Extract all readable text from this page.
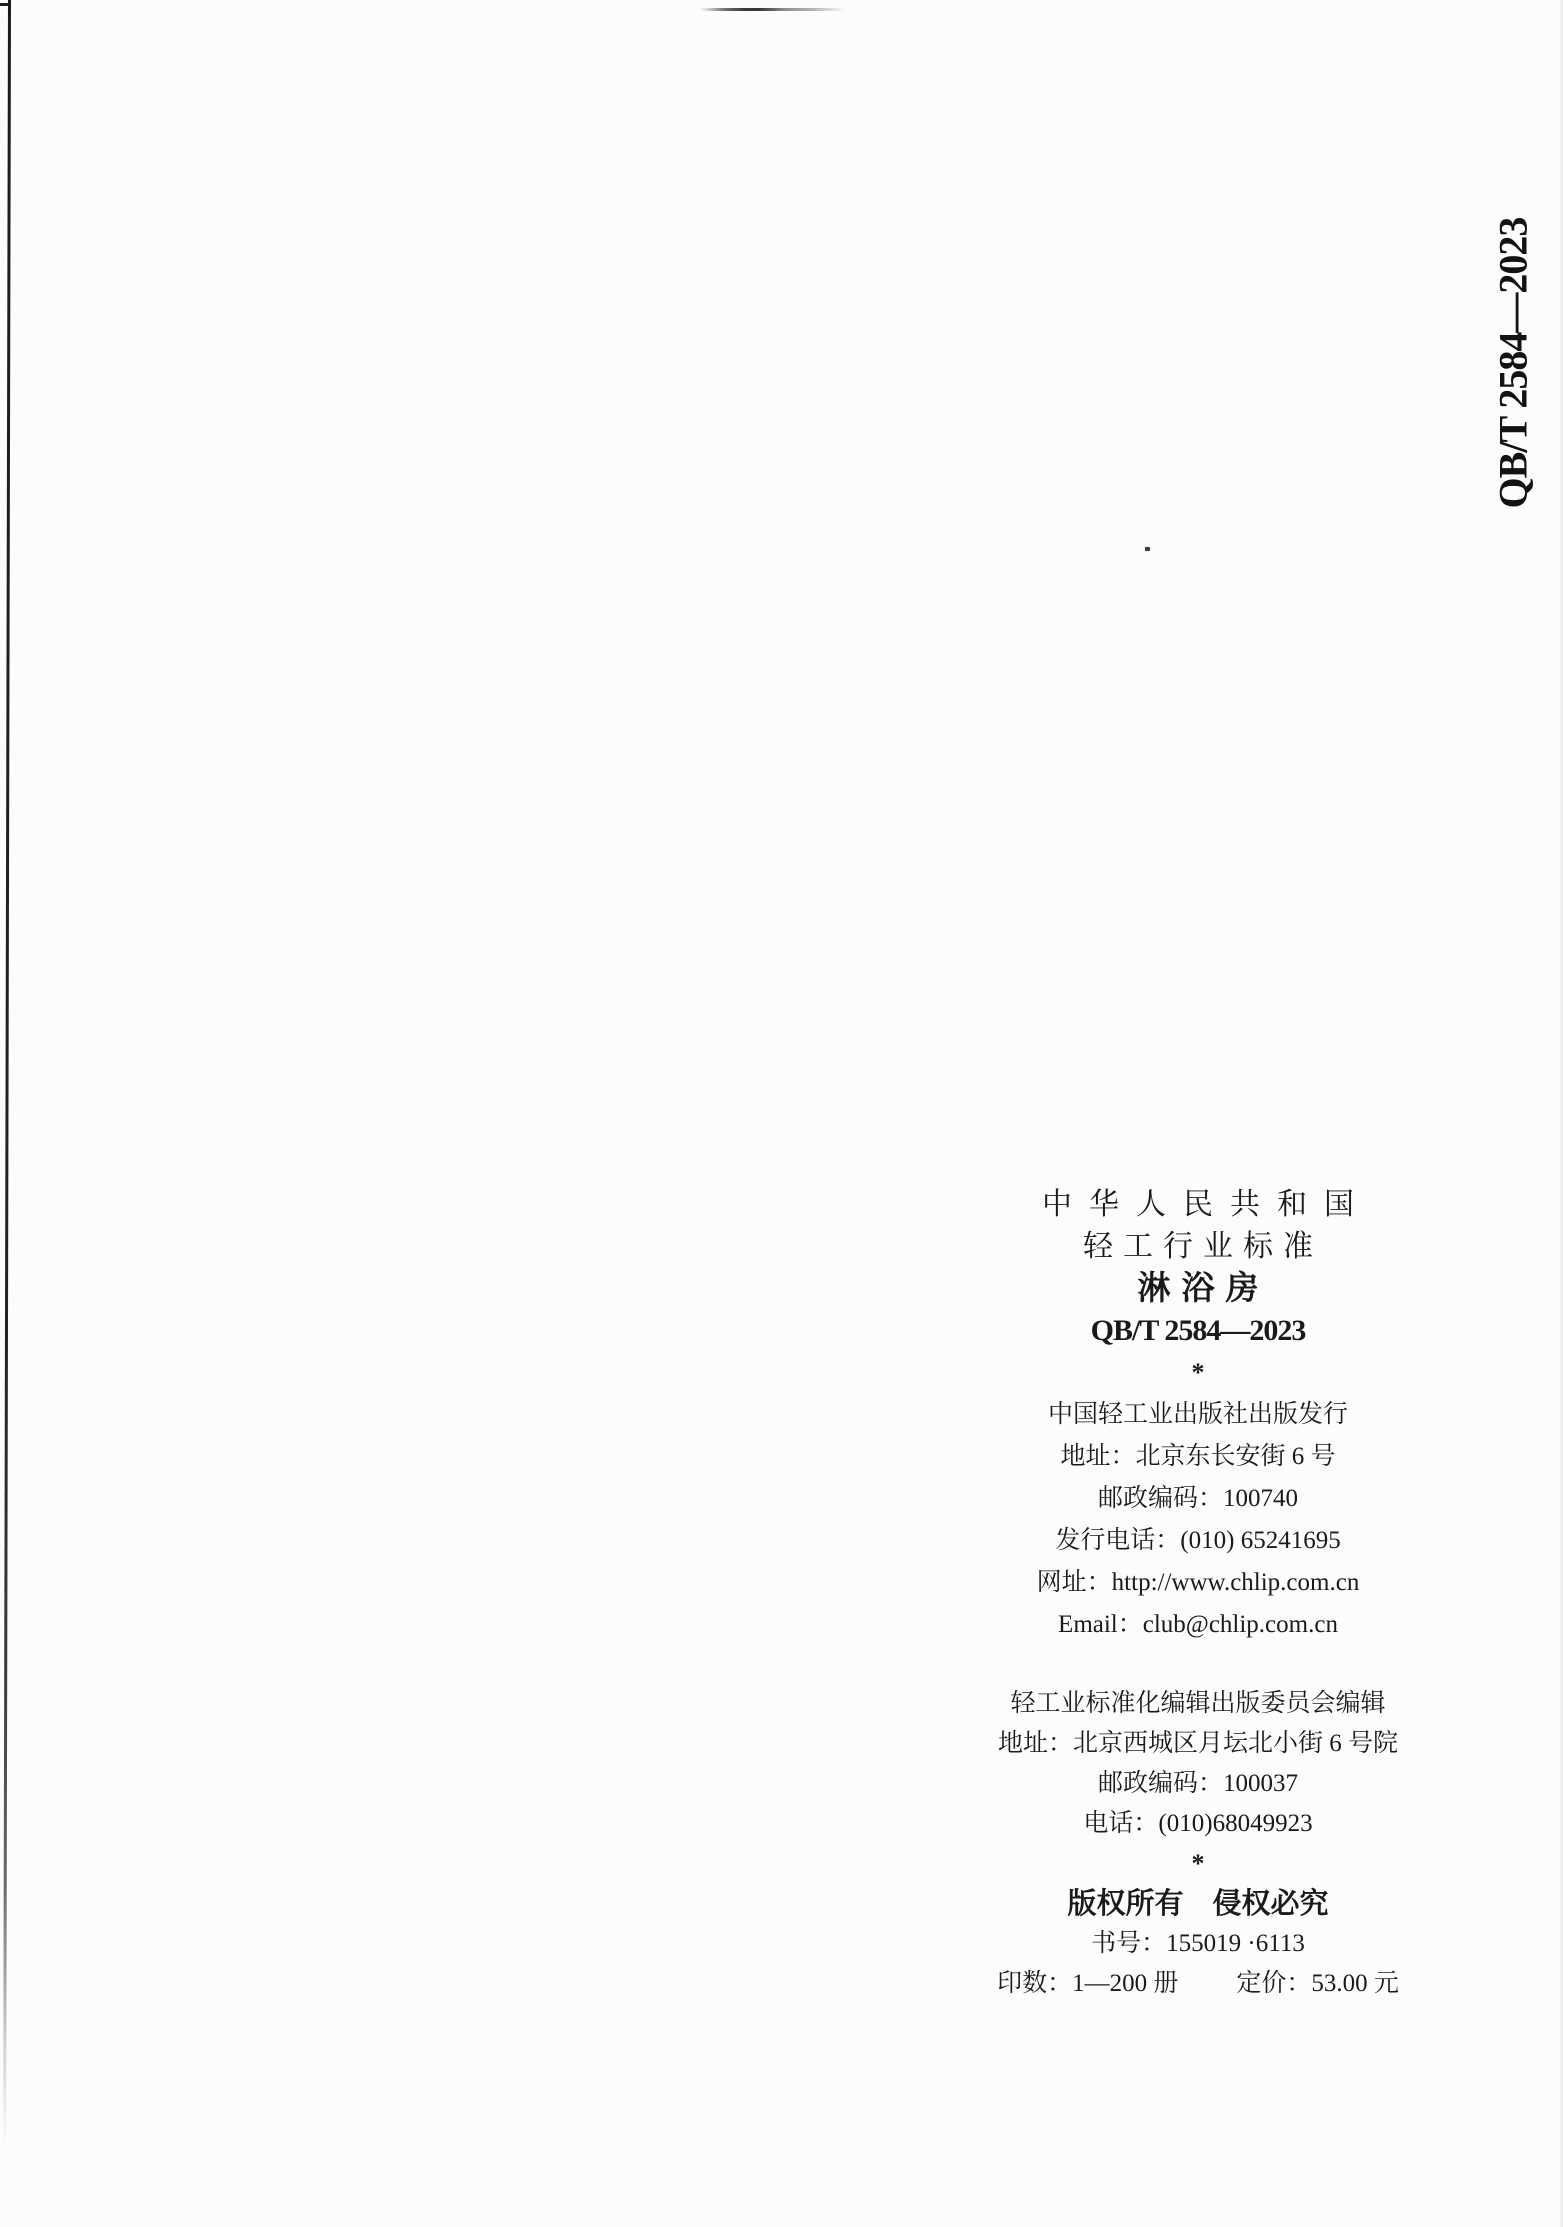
QB/T 2584—2023
中华人民共和国
轻工行业标准
淋浴房
QB/T 2584—2023
*
中国轻工业出版社出版发行
地址：北京东长安街 6 号
邮政编码：100740
发行电话：(010) 65241695
网址：http://www.chlip.com.cn
Email：club@chlip.com.cn
轻工业标准化编辑出版委员会编辑
地址：北京西城区月坛北小街 6 号院
邮政编码：100037
电话：(010)68049923
*
版权所有　侵权必究
书号：155019 ·6113
印数：1—200 册 定价：53.00 元
